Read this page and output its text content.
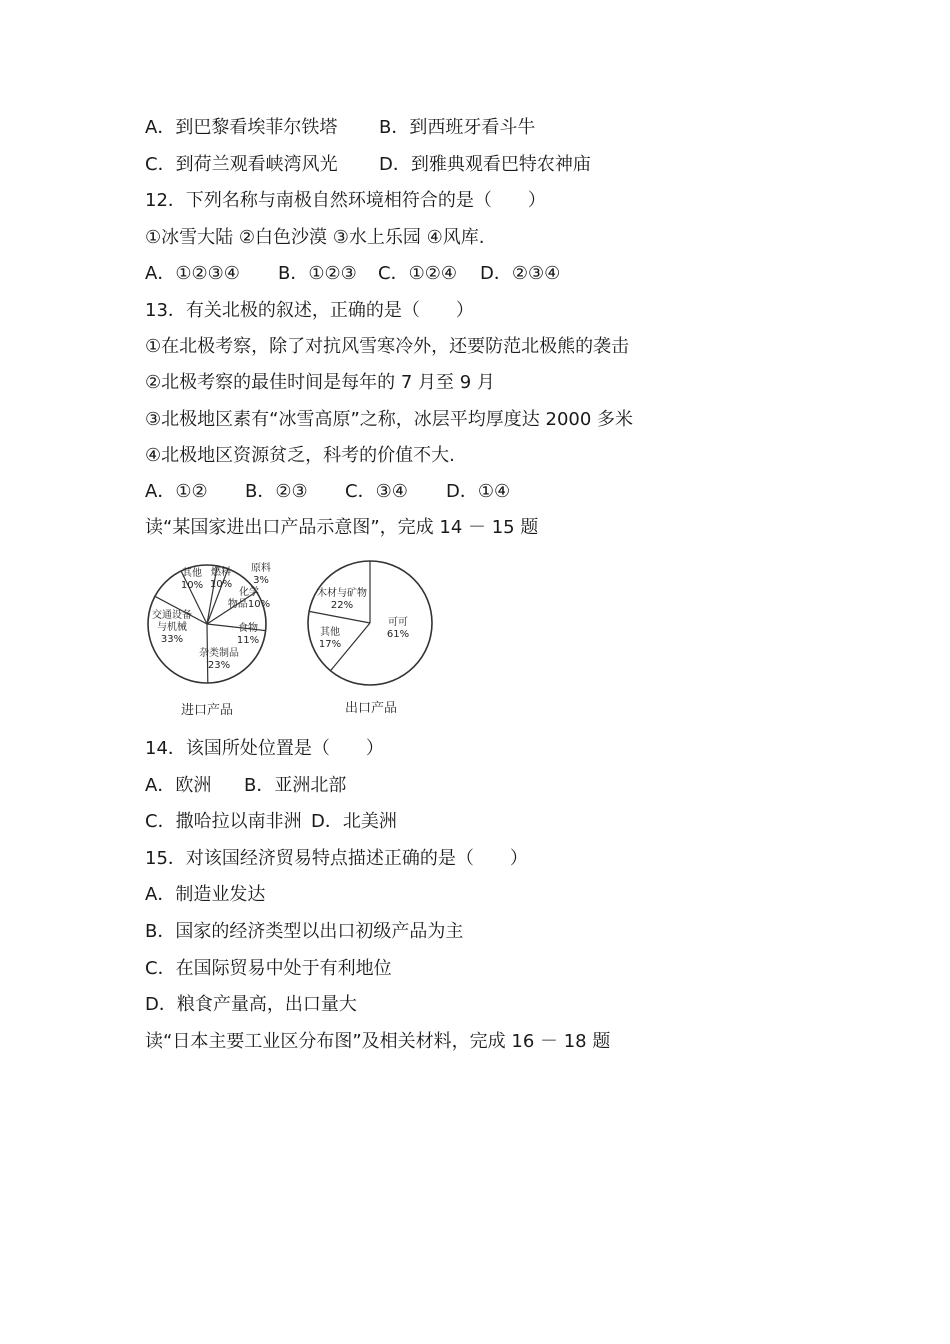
A．到巴黎看埃菲尔铁塔	B．到西班牙看斗牛
C．到荷兰观看峡湾风光	D．到雅典观看巴特农神庙
12．下列名称与南极自然环境相符合的是（　　）
①冰雪大陆 ②白色沙漠 ③水上乐园 ④风库.
A．①②③④	B．①②③	C．①②④	D．②③④
13．有关北极的叙述，正确的是（　　）
①在北极考察，除了对抗风雪寒冷外，还要防范北极熊的袭击
②北极考察的最佳时间是每年的 7 月至 9 月
③北极地区素有“冰雪高原”之称，冰层平均厚度达 2000 多米
④北极地区资源贫乏，科考的价值不大.
A．①②	B．②③	C．③④	D．①④
读“某国家进出口产品示意图”，完成 14 － 15 题
原料 3%
化学物品10%
食物 11%
杂类制品 23%
交通设备与机械 33%
其他 10%
燃料 10%
可可 61%
其他 17%
木材与矿物 22%
进口产品	出口产品
14．该国所处位置是（　　）
A．欧洲	B．亚洲北部
C．撒哈拉以南非洲 D．北美洲
15．对该国经济贸易特点描述正确的是（　　）
A．制造业发达
B．国家的经济类型以出口初级产品为主
C．在国际贸易中处于有利地位
D．粮食产量高，出口量大
读“日本主要工业区分布图”及相关材料，完成 16 － 18 题
